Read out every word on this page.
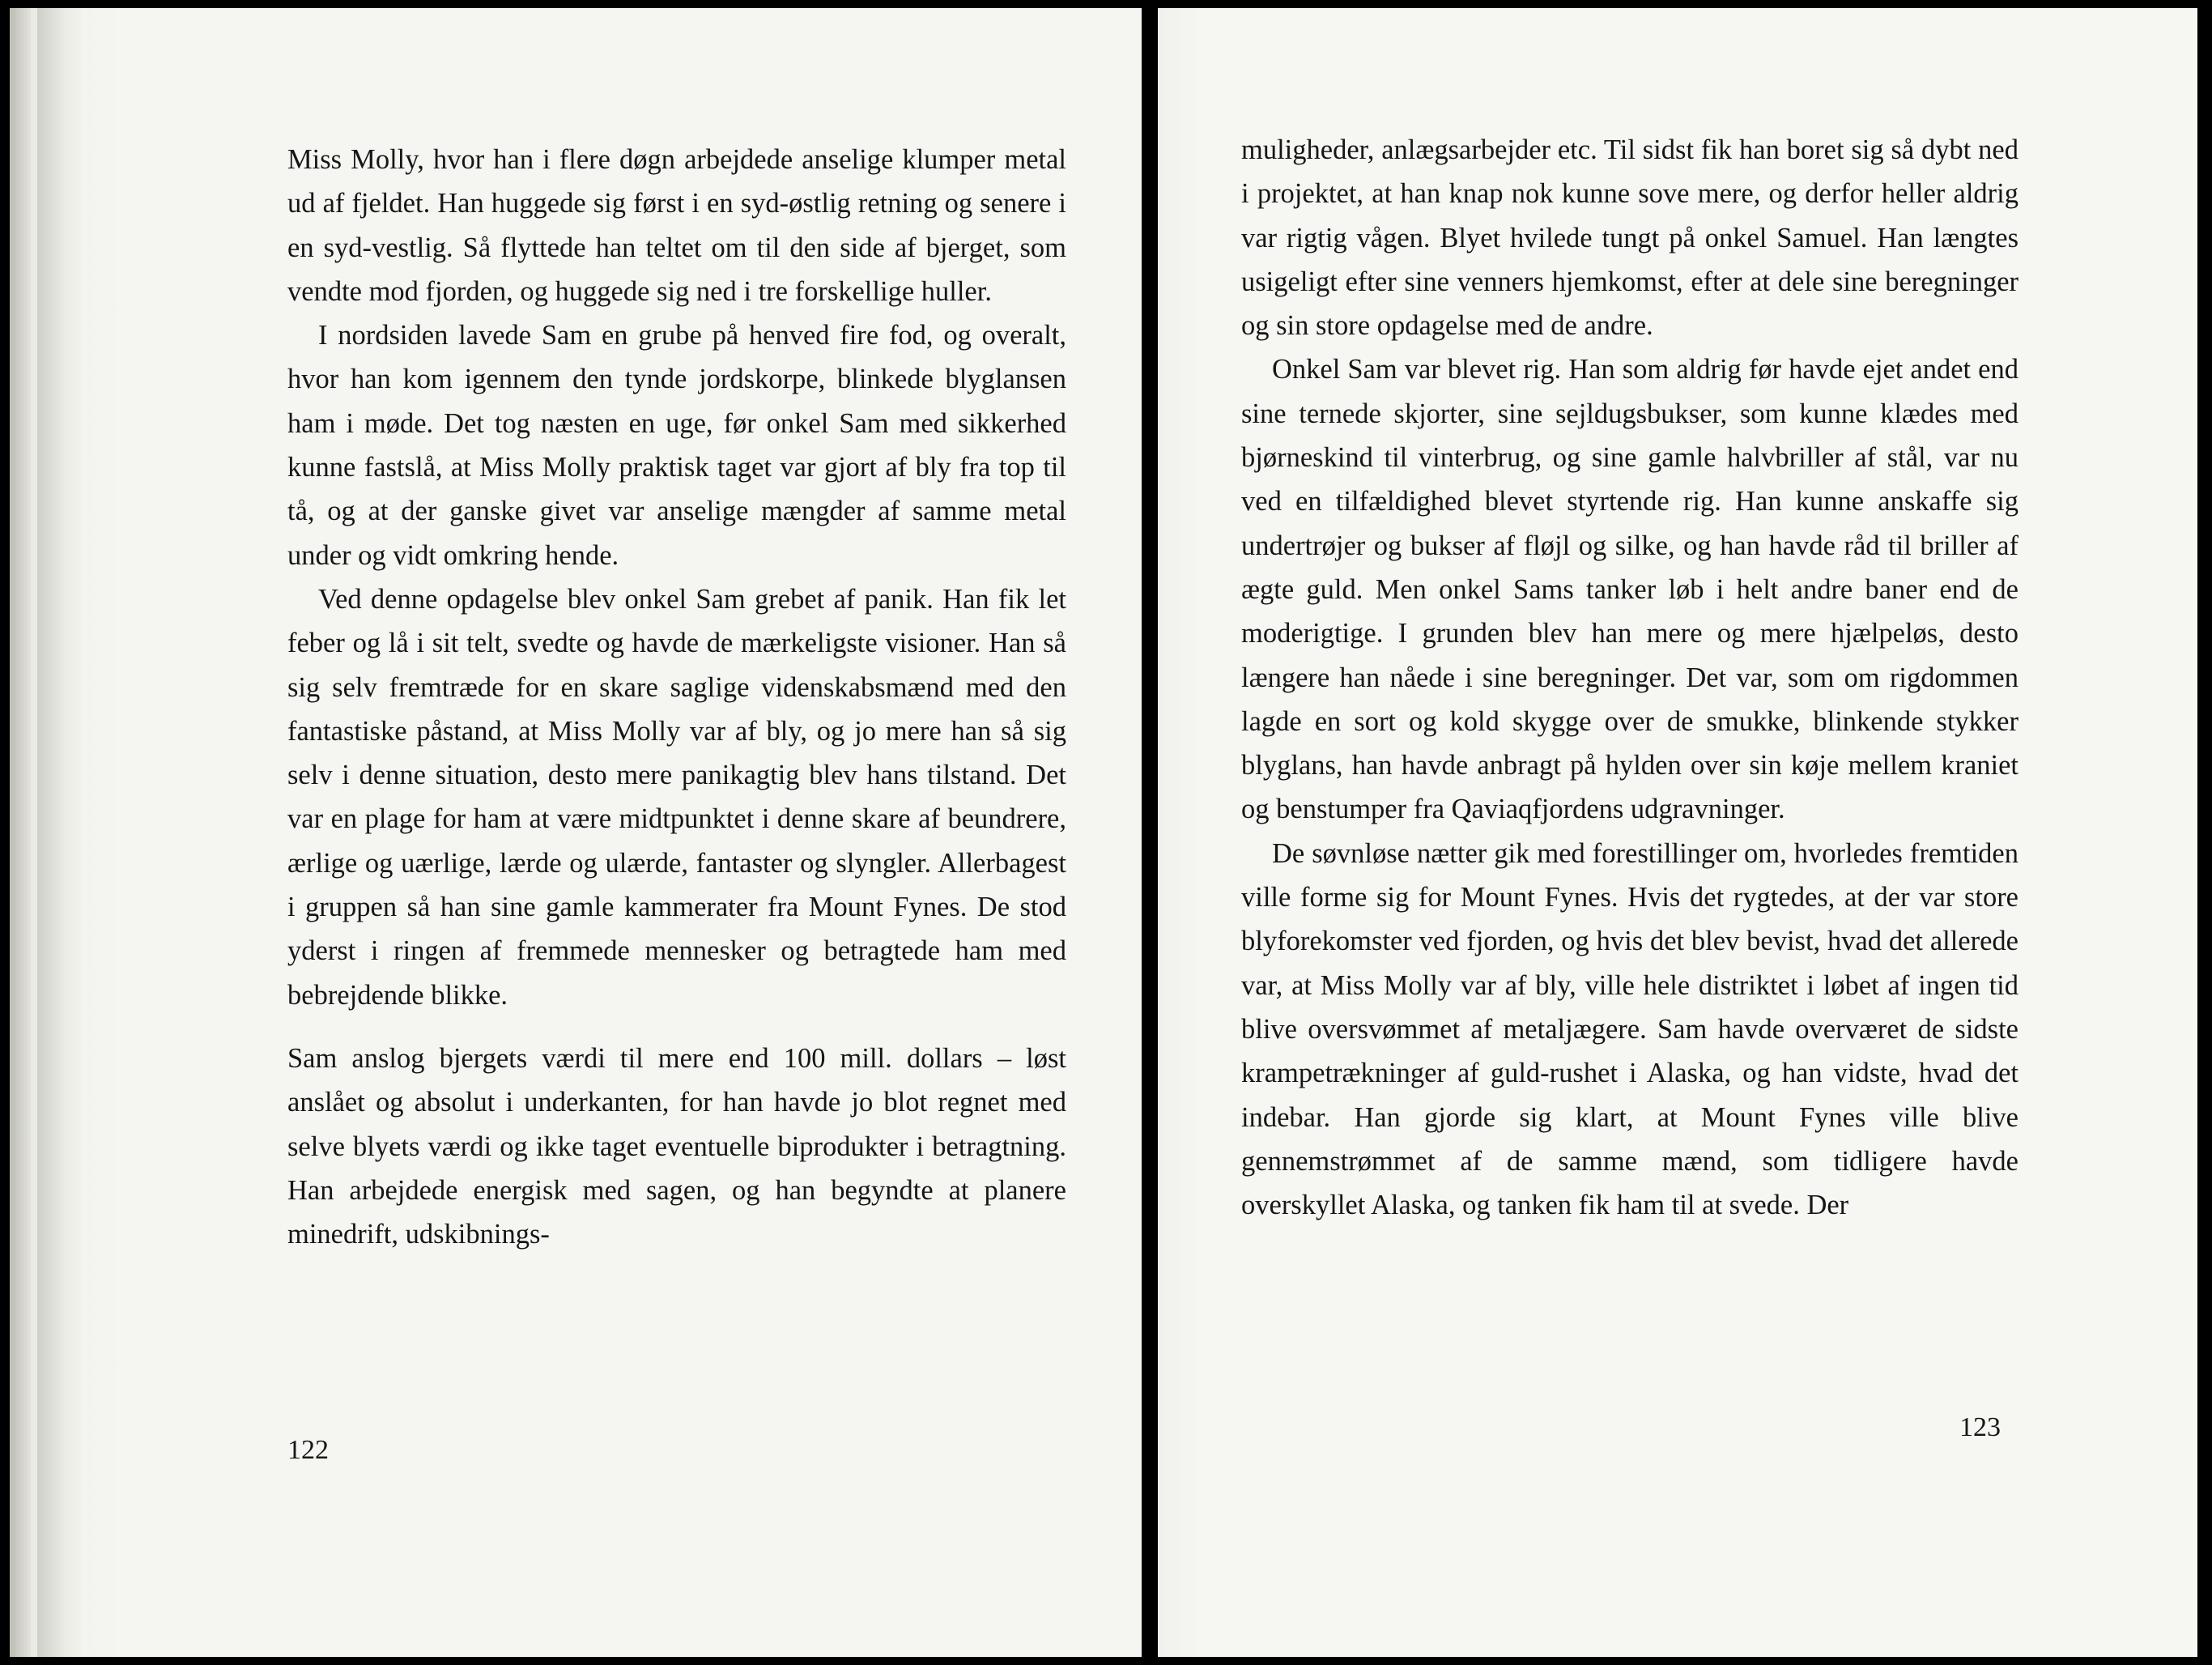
Miss Molly, hvor han i flere døgn arbejdede anselige klumper metal ud af fjeldet. Han huggede sig først i en syd-østlig retning og senere i en syd-vestlig. Så flyttede han teltet om til den side af bjerget, som vendte mod fjorden, og huggede sig ned i tre forskellige huller.

I nordsiden lavede Sam en grube på henved fire fod, og overalt, hvor han kom igennem den tynde jordskorpe, blinkede blyglansen ham i møde. Det tog næsten en uge, før onkel Sam med sikkerhed kunne fastslå, at Miss Molly praktisk taget var gjort af bly fra top til tå, og at der ganske givet var anselige mængder af samme metal under og vidt omkring hende.

Ved denne opdagelse blev onkel Sam grebet af panik. Han fik let feber og lå i sit telt, svedte og havde de mærkeligste visioner. Han så sig selv fremtræde for en skare saglige videnskabsmænd med den fantastiske påstand, at Miss Molly var af bly, og jo mere han så sig selv i denne situation, desto mere panikagtig blev hans tilstand. Det var en plage for ham at være midtpunktet i denne skare af beundrere, ærlige og uærlige, lærde og ulærde, fantaster og slyngler. Allerbagest i gruppen så han sine gamle kammerater fra Mount Fynes. De stod yderst i ringen af fremmede mennesker og betragtede ham med bebrejdende blikke.

Sam anslog bjergets værdi til mere end 100 mill. dollars – løst anslået og absolut i underkanten, for han havde jo blot regnet med selve blyets værdi og ikke taget eventuelle biprodukter i betragtning. Han arbejdede energisk med sagen, og han begyndte at planere minedrift, udskibnings-

122

muligheder, anlægsarbejder etc. Til sidst fik han boret sig så dybt ned i projektet, at han knap nok kunne sove mere, og derfor heller aldrig var rigtig vågen. Blyet hvilede tungt på onkel Samuel. Han længtes usigeligt efter sine venners hjemkomst, efter at dele sine beregninger og sin store opdagelse med de andre.

Onkel Sam var blevet rig. Han som aldrig før havde ejet andet end sine ternede skjorter, sine sejldugsbukser, som kunne klædes med bjørneskind til vinterbrug, og sine gamle halvbriller af stål, var nu ved en tilfældighed blevet styrtende rig. Han kunne anskaffe sig undertrøjer og bukser af fløjl og silke, og han havde råd til briller af ægte guld. Men onkel Sams tanker løb i helt andre baner end de moderigtige. I grunden blev han mere og mere hjælpeløs, desto længere han nåede i sine beregninger. Det var, som om rigdommen lagde en sort og kold skygge over de smukke, blinkende stykker blyglans, han havde anbragt på hylden over sin køje mellem kraniet og benstumper fra Qaviaqfjordens udgravninger.

De søvnløse nætter gik med forestillinger om, hvorledes fremtiden ville forme sig for Mount Fynes. Hvis det rygtedes, at der var store blyforekomster ved fjorden, og hvis det blev bevist, hvad det allerede var, at Miss Molly var af bly, ville hele distriktet i løbet af ingen tid blive oversvømmet af metaljægere. Sam havde overværet de sidste krampetrækninger af guld-rushet i Alaska, og han vidste, hvad det indebar. Han gjorde sig klart, at Mount Fynes ville blive gennemstrømmet af de samme mænd, som tidligere havde overskyllet Alaska, og tanken fik ham til at svede. Der

123
